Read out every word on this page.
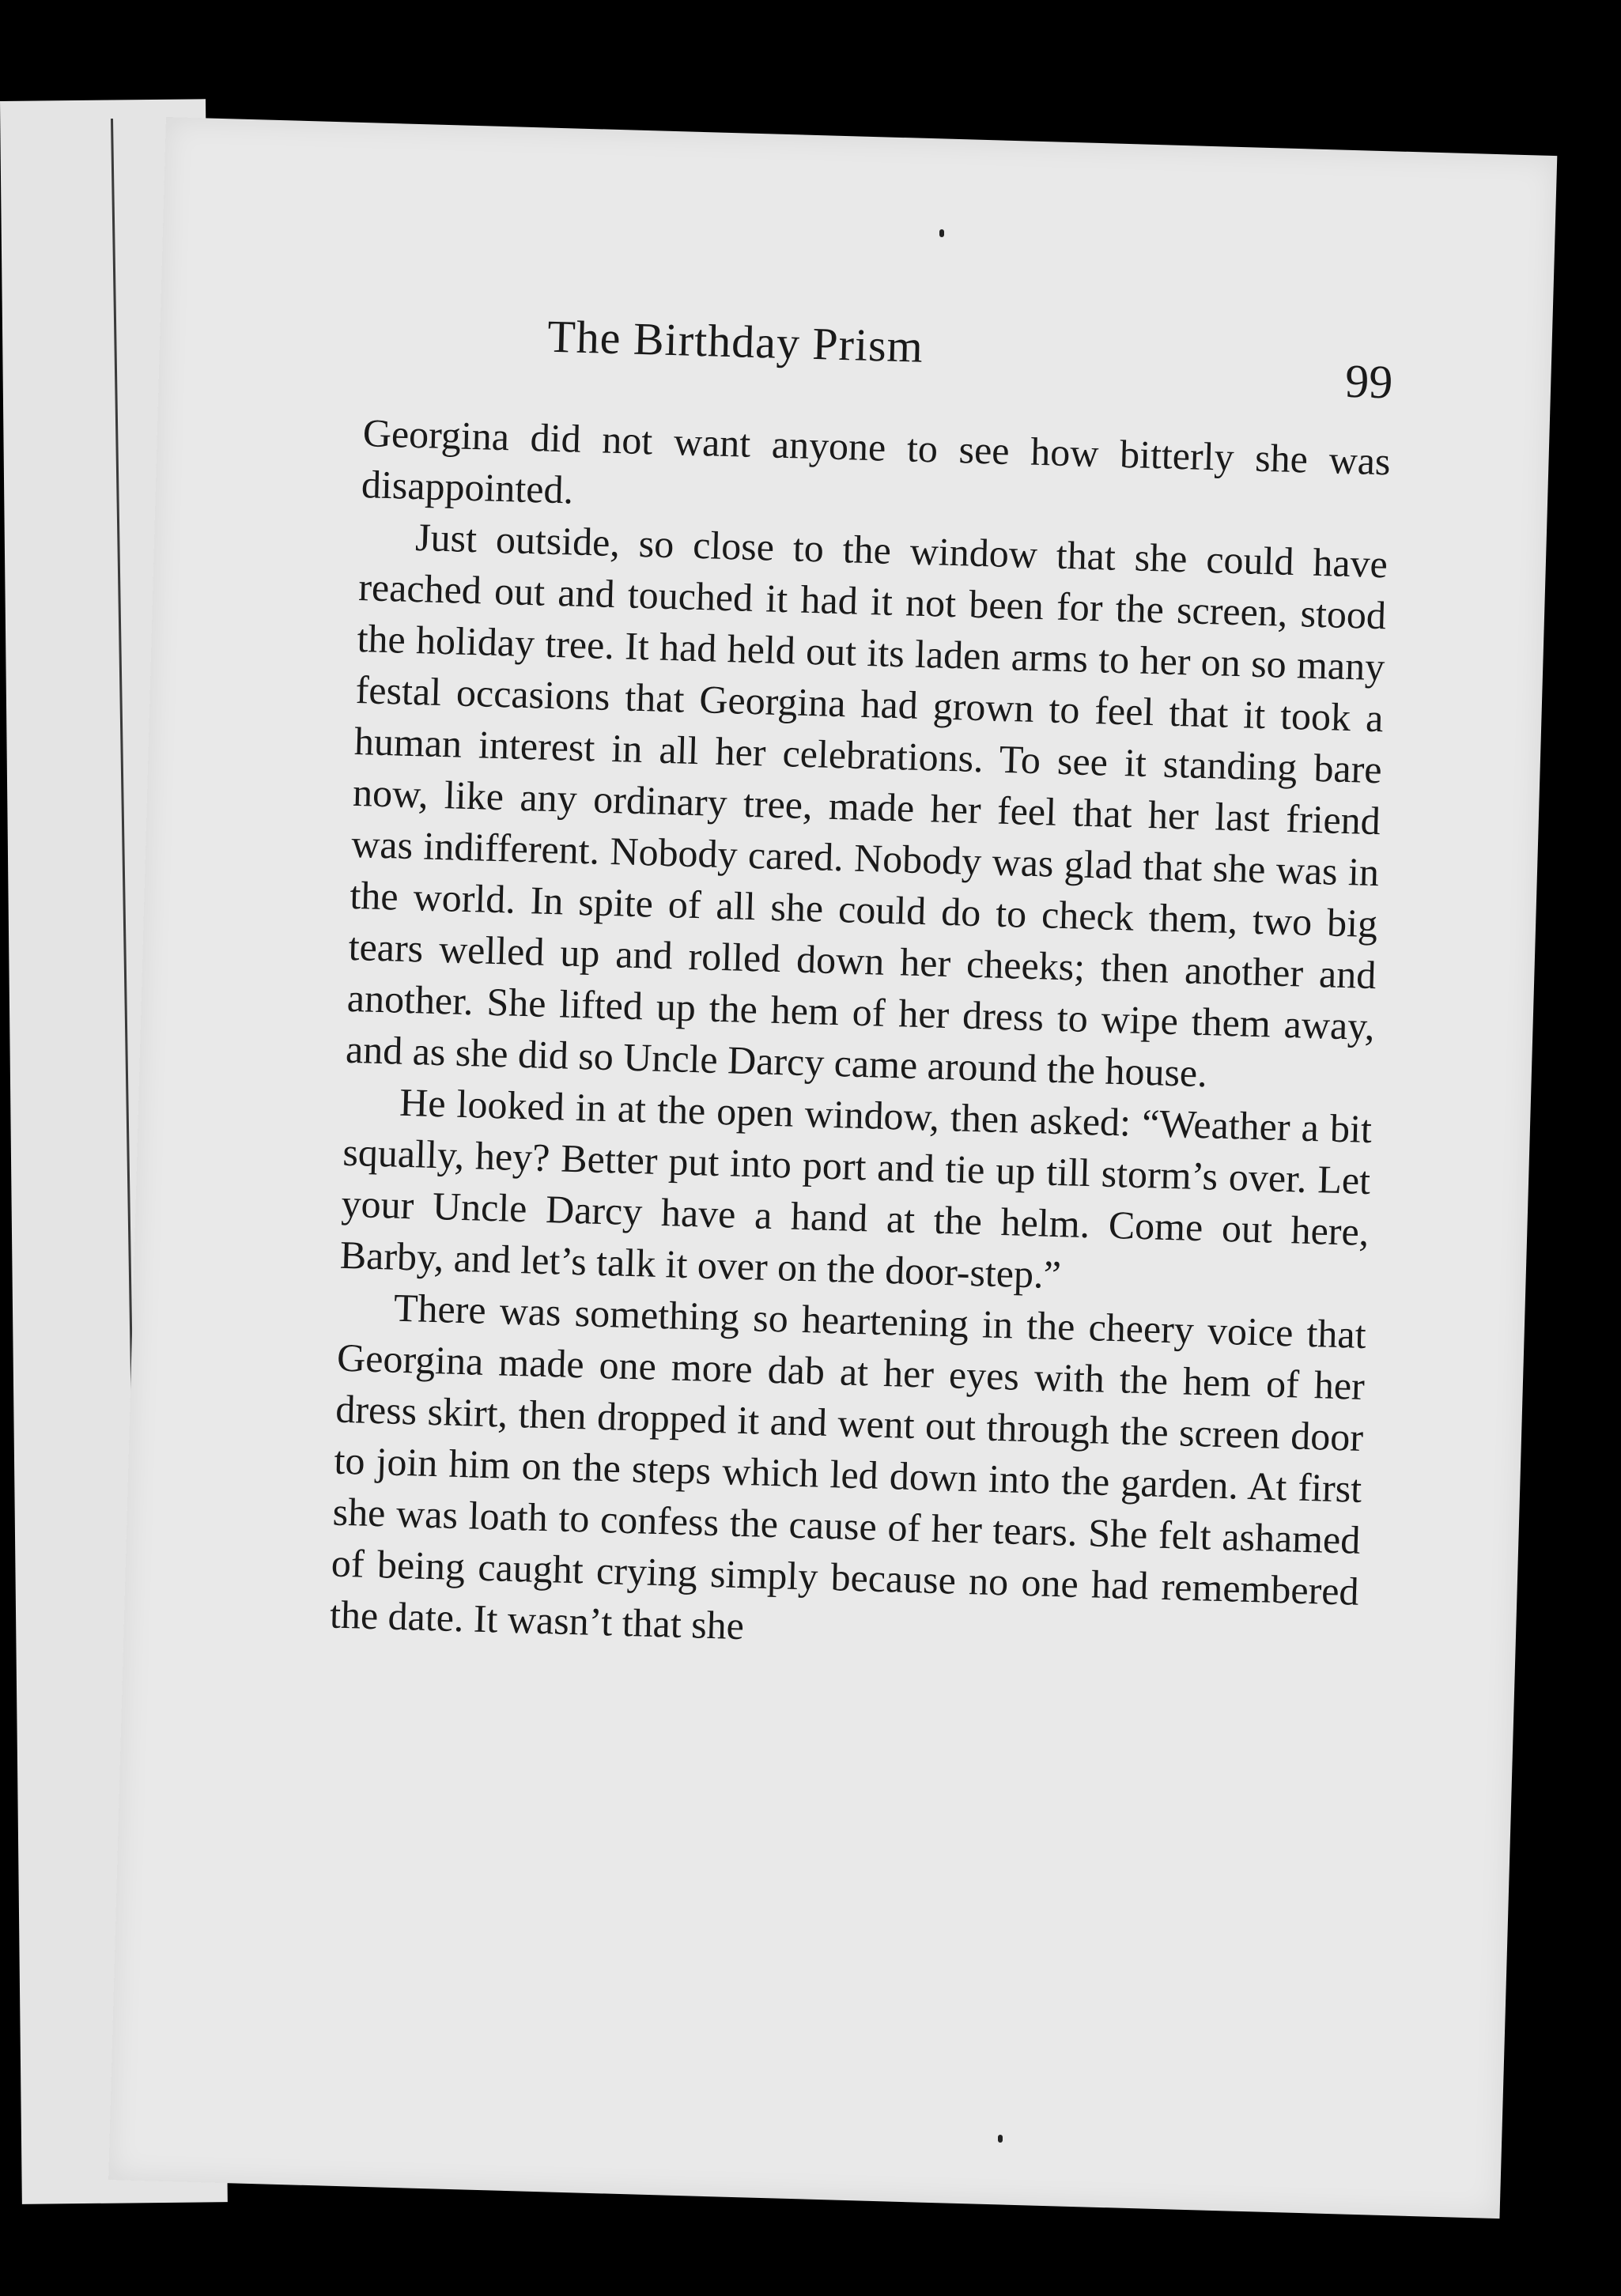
The Birthday Prism
99

Georgina did not want anyone to see how bitterly she was disappointed.

Just outside, so close to the window that she could have reached out and touched it had it not been for the screen, stood the holiday tree. It had held out its laden arms to her on so many festal occasions that Georgina had grown to feel that it took a human interest in all her celebrations. To see it standing bare now, like any ordinary tree, made her feel that her last friend was indifferent. Nobody cared. Nobody was glad that she was in the world. In spite of all she could do to check them, two big tears welled up and rolled down her cheeks; then another and another. She lifted up the hem of her dress to wipe them away, and as she did so Uncle Darcy came around the house.

He looked in at the open window, then asked: “Weather a bit squally, hey? Better put into port and tie up till storm’s over. Let your Uncle Darcy have a hand at the helm. Come out here, Barby, and let’s talk it over on the door-step.”

There was something so heartening in the cheery voice that Georgina made one more dab at her eyes with the hem of her dress skirt, then dropped it and went out through the screen door to join him on the steps which led down into the garden. At first she was loath to confess the cause of her tears. She felt ashamed of being caught crying simply because no one had remembered the date. It wasn’t that she
